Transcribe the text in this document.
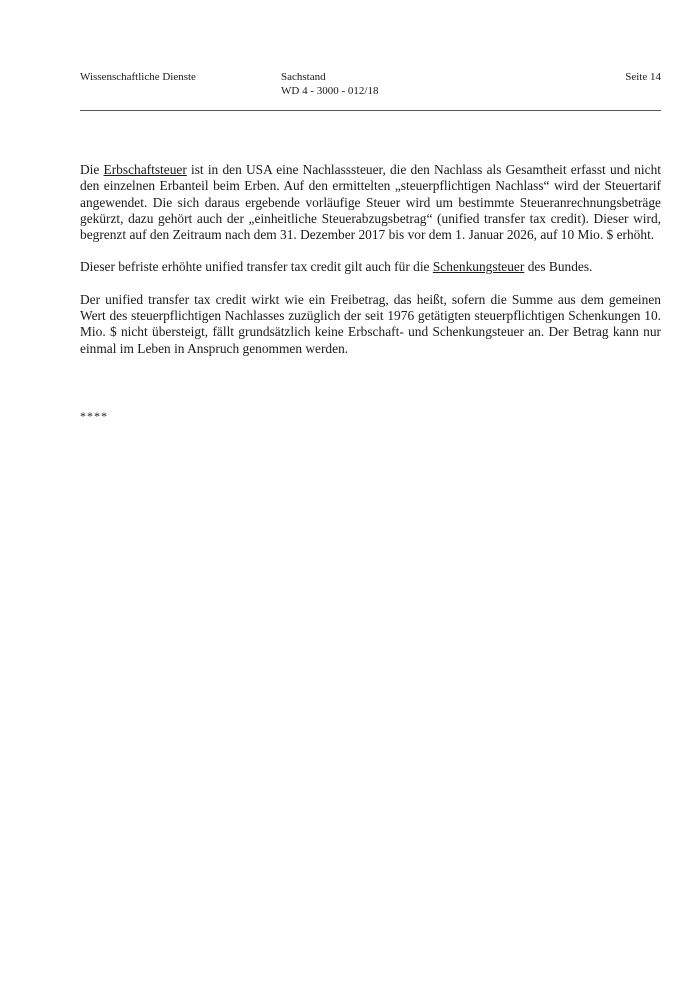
Wissenschaftliche Dienste	Sachstand
WD 4 - 3000 - 012/18
Seite 14

Die Erbschaftsteuer ist in den USA eine Nachlasssteuer, die den Nachlass als Gesamtheit erfasst und nicht den einzelnen Erbanteil beim Erben. Auf den ermittelten „steuerpflichtigen Nachlass“ wird der Steuertarif angewendet. Die sich daraus ergebende vorläufige Steuer wird um bestimmte Steueranrechnungsbeträge gekürzt, dazu gehört auch der „einheitliche Steuerabzugsbetrag“ (unified transfer tax credit). Dieser wird, begrenzt auf den Zeitraum nach dem 31. Dezember 2017 bis vor dem 1. Januar 2026, auf 10 Mio. $ erhöht.

Dieser befriste erhöhte unified transfer tax credit gilt auch für die Schenkungsteuer des Bundes.

Der unified transfer tax credit wirkt wie ein Freibetrag, das heißt, sofern die Summe aus dem gemeinen Wert des steuerpflichtigen Nachlasses zuzüglich der seit 1976 getätigten steuerpflichtigen Schenkungen 10. Mio. $ nicht übersteigt, fällt grundsätzlich keine Erbschaft- und Schenkungsteuer an. Der Betrag kann nur einmal im Leben in Anspruch genommen werden.

****
